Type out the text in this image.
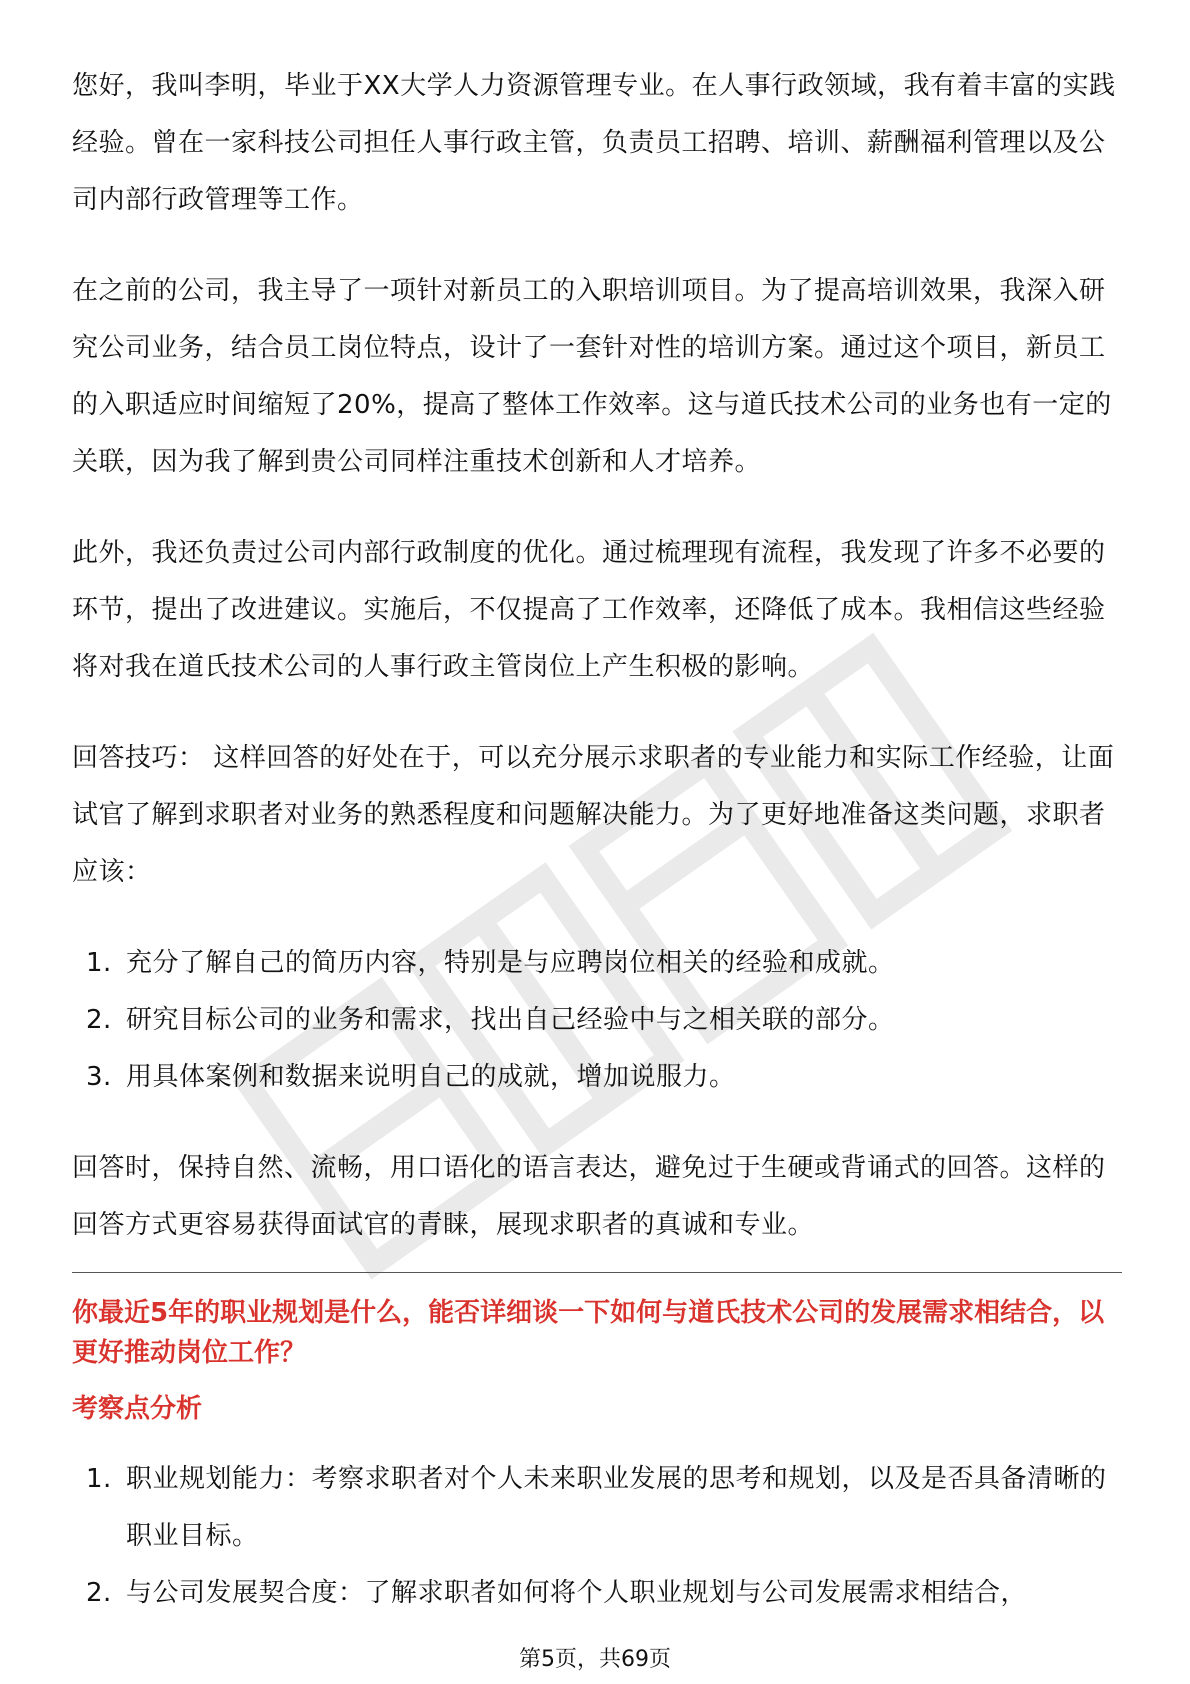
您好，我叫李明，毕业于XX大学人力资源管理专业。在人事行政领域，我有着丰富的实践经验。曾在一家科技公司担任人事行政主管，负责员工招聘、培训、薪酬福利管理以及公司内部行政管理等工作。

在之前的公司，我主导了一项针对新员工的入职培训项目。为了提高培训效果，我深入研究公司业务，结合员工岗位特点，设计了一套针对性的培训方案。通过这个项目，新员工的入职适应时间缩短了20%，提高了整体工作效率。这与道氏技术公司的业务也有一定的关联，因为我了解到贵公司同样注重技术创新和人才培养。

此外，我还负责过公司内部行政制度的优化。通过梳理现有流程，我发现了许多不必要的环节，提出了改进建议。实施后，不仅提高了工作效率，还降低了成本。我相信这些经验将对我在道氏技术公司的人事行政主管岗位上产生积极的影响。

回答技巧： 这样回答的好处在于，可以充分展示求职者的专业能力和实际工作经验，让面试官了解到求职者对业务的熟悉程度和问题解决能力。为了更好地准备这类问题，求职者应该：

1. 充分了解自己的简历内容，特别是与应聘岗位相关的经验和成就。
2. 研究目标公司的业务和需求，找出自己经验中与之相关联的部分。
3. 用具体案例和数据来说明自己的成就，增加说服力。

回答时，保持自然、流畅，用口语化的语言表达，避免过于生硬或背诵式的回答。这样的回答方式更容易获得面试官的青睐，展现求职者的真诚和专业。

你最近5年的职业规划是什么，能否详细谈一下如何与道氏技术公司的发展需求相结合，以更好推动岗位工作？

考察点分析

1. 职业规划能力：考察求职者对个人未来职业发展的思考和规划，以及是否具备清晰的职业目标。
2. 与公司发展契合度：了解求职者如何将个人职业规划与公司发展需求相结合，
第5页，共69页
